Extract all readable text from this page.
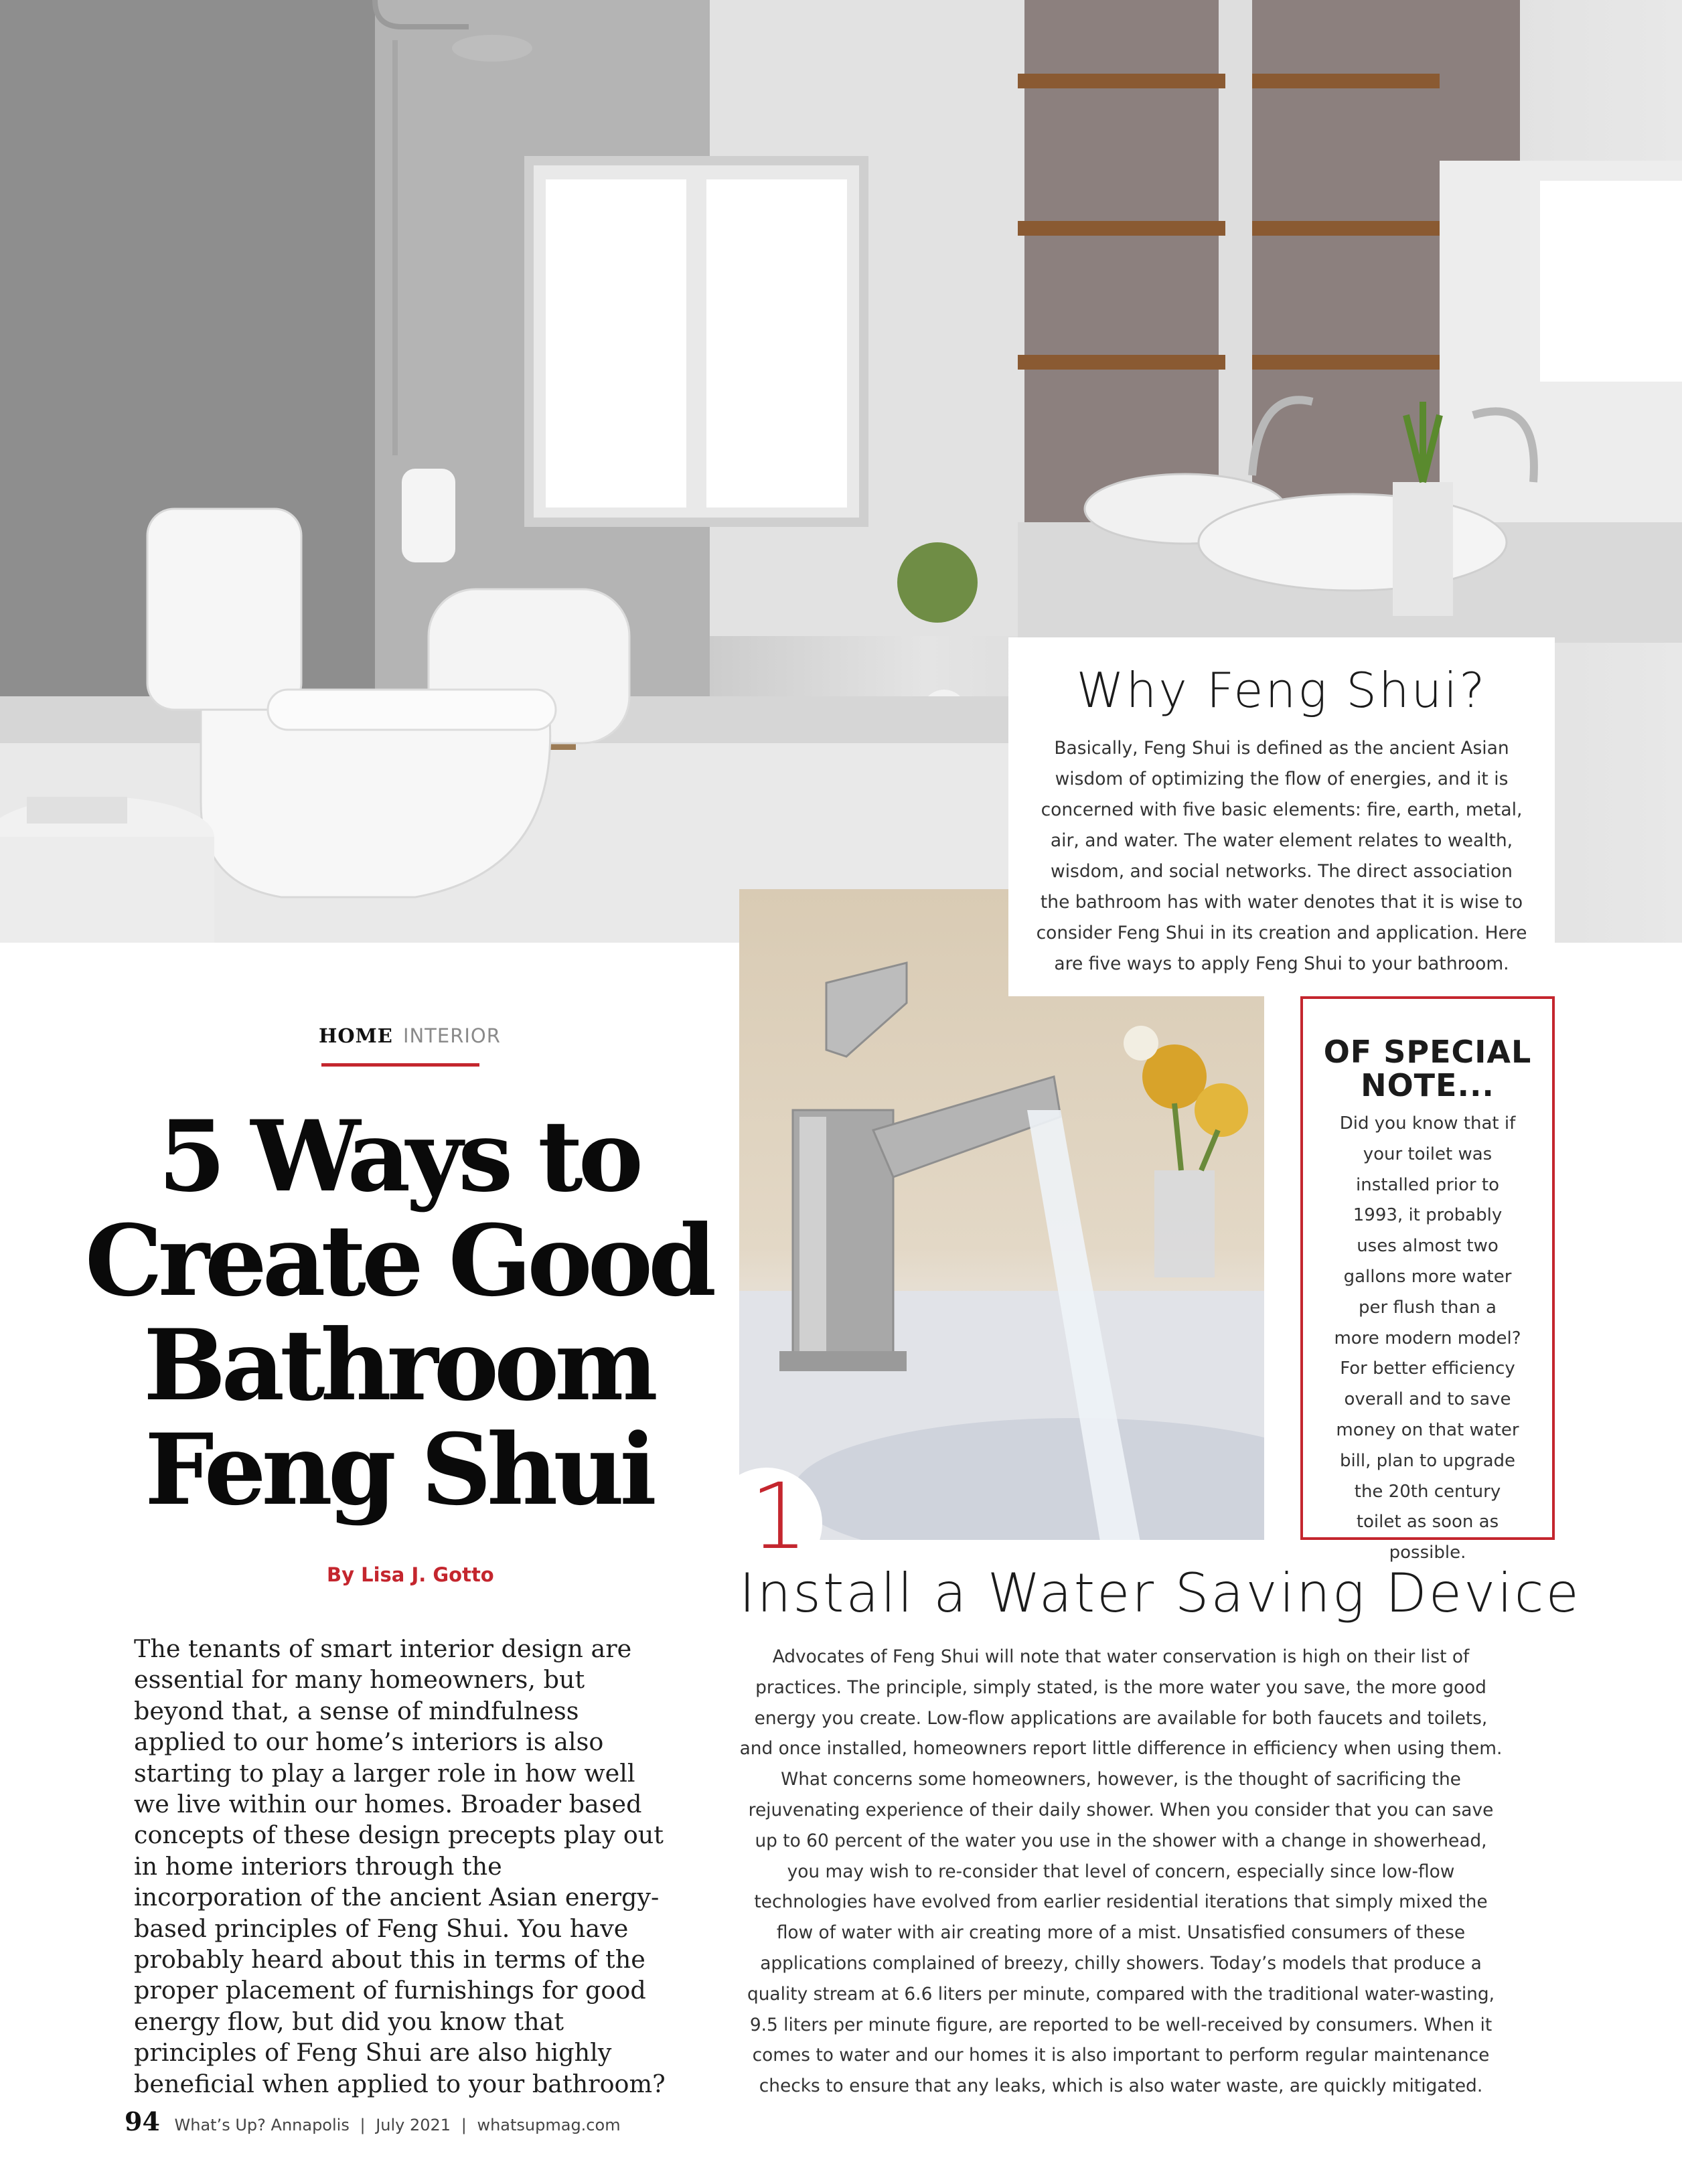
Why Feng Shui?

Basically, Feng Shui is defined as the ancient Asian wisdom of optimizing the flow of energies, and it is concerned with five basic elements: fire, earth, metal, air, and water. The water element relates to wealth, wisdom, and social networks. The direct association the bathroom has with water denotes that it is wise to consider Feng Shui in its creation and application. Here are five ways to apply Feng Shui to your bathroom.

OF SPECIAL NOTE...

Did you know that if your toilet was installed prior to 1993, it probably uses almost two gallons more water per flush than a more modern model? For better efficiency overall and to save money on that water bill, plan to upgrade the 20th century toilet as soon as possible.

HOME INTERIOR
5 Ways to Create Good Bathroom Feng Shui
By Lisa J. Gotto

The tenants of smart interior design are essential for many homeowners, but beyond that, a sense of mindfulness applied to our home’s interiors is also starting to play a larger role in how well we live within our homes. Broader based concepts of these design precepts play out in home interiors through the incorporation of the ancient Asian energy-based principles of Feng Shui. You have probably heard about this in terms of the proper placement of furnishings for good energy flow, but did you know that principles of Feng Shui are also highly beneficial when applied to your bathroom?

1
Install a Water Saving Device

Advocates of Feng Shui will note that water conservation is high on their list of practices. The principle, simply stated, is the more water you save, the more good energy you create. Low-flow applications are available for both faucets and toilets, and once installed, homeowners report little difference in efficiency when using them. What concerns some homeowners, however, is the thought of sacrificing the rejuvenating experience of their daily shower. When you consider that you can save up to 60 percent of the water you use in the shower with a change in showerhead, you may wish to re-consider that level of concern, especially since low-flow technologies have evolved from earlier residential iterations that simply mixed the flow of water with air creating more of a mist. Unsatisfied consumers of these applications complained of breezy, chilly showers. Today’s models that produce a quality stream at 6.6 liters per minute, compared with the traditional water-wasting, 9.5 liters per minute figure, are reported to be well-received by consumers. When it comes to water and our homes it is also important to perform regular maintenance checks to ensure that any leaks, which is also water waste, are quickly mitigated.

94 What’s Up? Annapolis | July 2021 | whatsupmag.com
